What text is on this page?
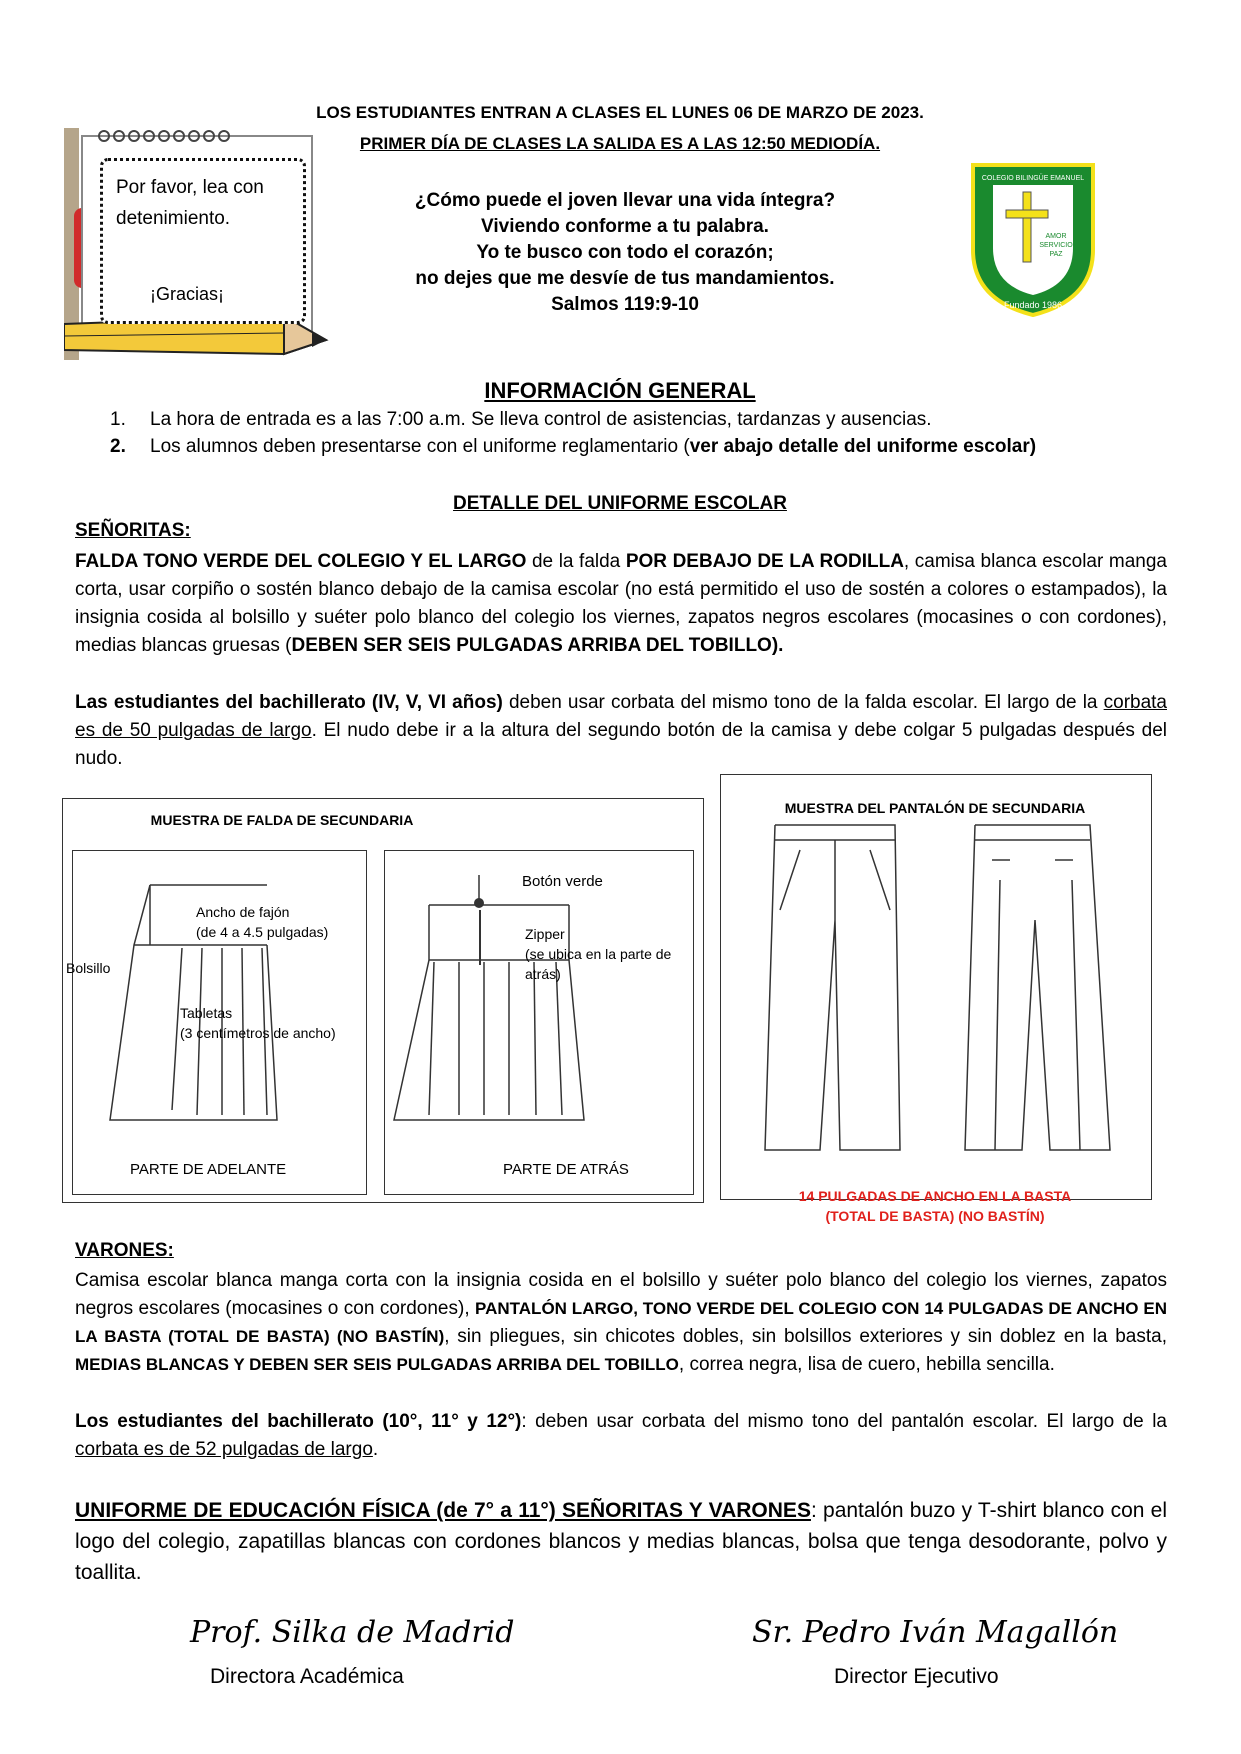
LOS ESTUDIANTES ENTRAN A CLASES EL LUNES 06 DE MARZO DE 2023.
PRIMER DÍA DE CLASES LA SALIDA ES A LAS 12:50 MEDIODÍA.
Por favor, lea con detenimiento.
¡Gracias¡
¿Cómo puede el joven llevar una vida íntegra?
Viviendo conforme a tu palabra.
Yo te busco con todo el corazón;
no dejes que me desvíe de tus mandamientos.
Salmos 119:9-10
AMOR
SERVICIO
PAZ
COLEGIO BILINGÜE EMANUEL
Fundado 1986
INFORMACIÓN GENERAL
1. La hora de entrada es a las 7:00 a.m. Se lleva control de asistencias, tardanzas y ausencias.
2. Los alumnos deben presentarse con el uniforme reglamentario (ver abajo detalle del uniforme escolar)
DETALLE DEL UNIFORME ESCOLAR
SEÑORITAS:
FALDA TONO VERDE DEL COLEGIO Y EL LARGO de la falda POR DEBAJO DE LA RODILLA, camisa blanca escolar manga corta, usar corpiño o sostén blanco debajo de la camisa escolar (no está permitido el uso de sostén a colores o estampados), la insignia cosida al bolsillo y suéter polo blanco del colegio los viernes, zapatos negros escolares (mocasines o con cordones), medias blancas gruesas (DEBEN SER SEIS PULGADAS ARRIBA DEL TOBILLO).
Las estudiantes del bachillerato (IV, V, VI años) deben usar corbata del mismo tono de la falda escolar. El largo de la corbata es de 50 pulgadas de largo. El nudo debe ir a la altura del segundo botón de la camisa y debe colgar 5 pulgadas después del nudo.
MUESTRA DE FALDA DE SECUNDARIA
Ancho de fajón
(de 4 a 4.5 pulgadas)
Bolsillo
Tabletas
(3 centímetros de ancho)
PARTE DE ADELANTE
Botón verde
Zipper
(se ubica en la parte de
atrás)
PARTE DE ATRÁS
MUESTRA DEL PANTALÓN DE SECUNDARIA
14 PULGADAS DE ANCHO EN LA BASTA
(TOTAL DE BASTA) (NO BASTÍN)
VARONES:
Camisa escolar blanca manga corta con la insignia cosida en el bolsillo y suéter polo blanco del colegio los viernes, zapatos negros escolares (mocasines o con cordones), PANTALÓN LARGO, TONO VERDE DEL COLEGIO CON 14 PULGADAS DE ANCHO EN LA BASTA (TOTAL DE BASTA) (NO BASTÍN), sin pliegues, sin chicotes dobles, sin bolsillos exteriores y sin doblez en la basta, MEDIAS BLANCAS Y DEBEN SER SEIS PULGADAS ARRIBA DEL TOBILLO, correa negra, lisa de cuero, hebilla sencilla.
Los estudiantes del bachillerato (10°, 11° y 12°): deben usar corbata del mismo tono del pantalón escolar. El largo de la corbata es de 52 pulgadas de largo.
UNIFORME DE EDUCACIÓN FÍSICA (de 7° a 11°) SEÑORITAS Y VARONES: pantalón buzo y T-shirt blanco con el logo del colegio, zapatillas blancas con cordones blancos y medias blancas, bolsa que tenga desodorante, polvo y toallita.
Prof. Silka de Madrid
Directora Académica
Sr. Pedro Iván Magallón
Director Ejecutivo
